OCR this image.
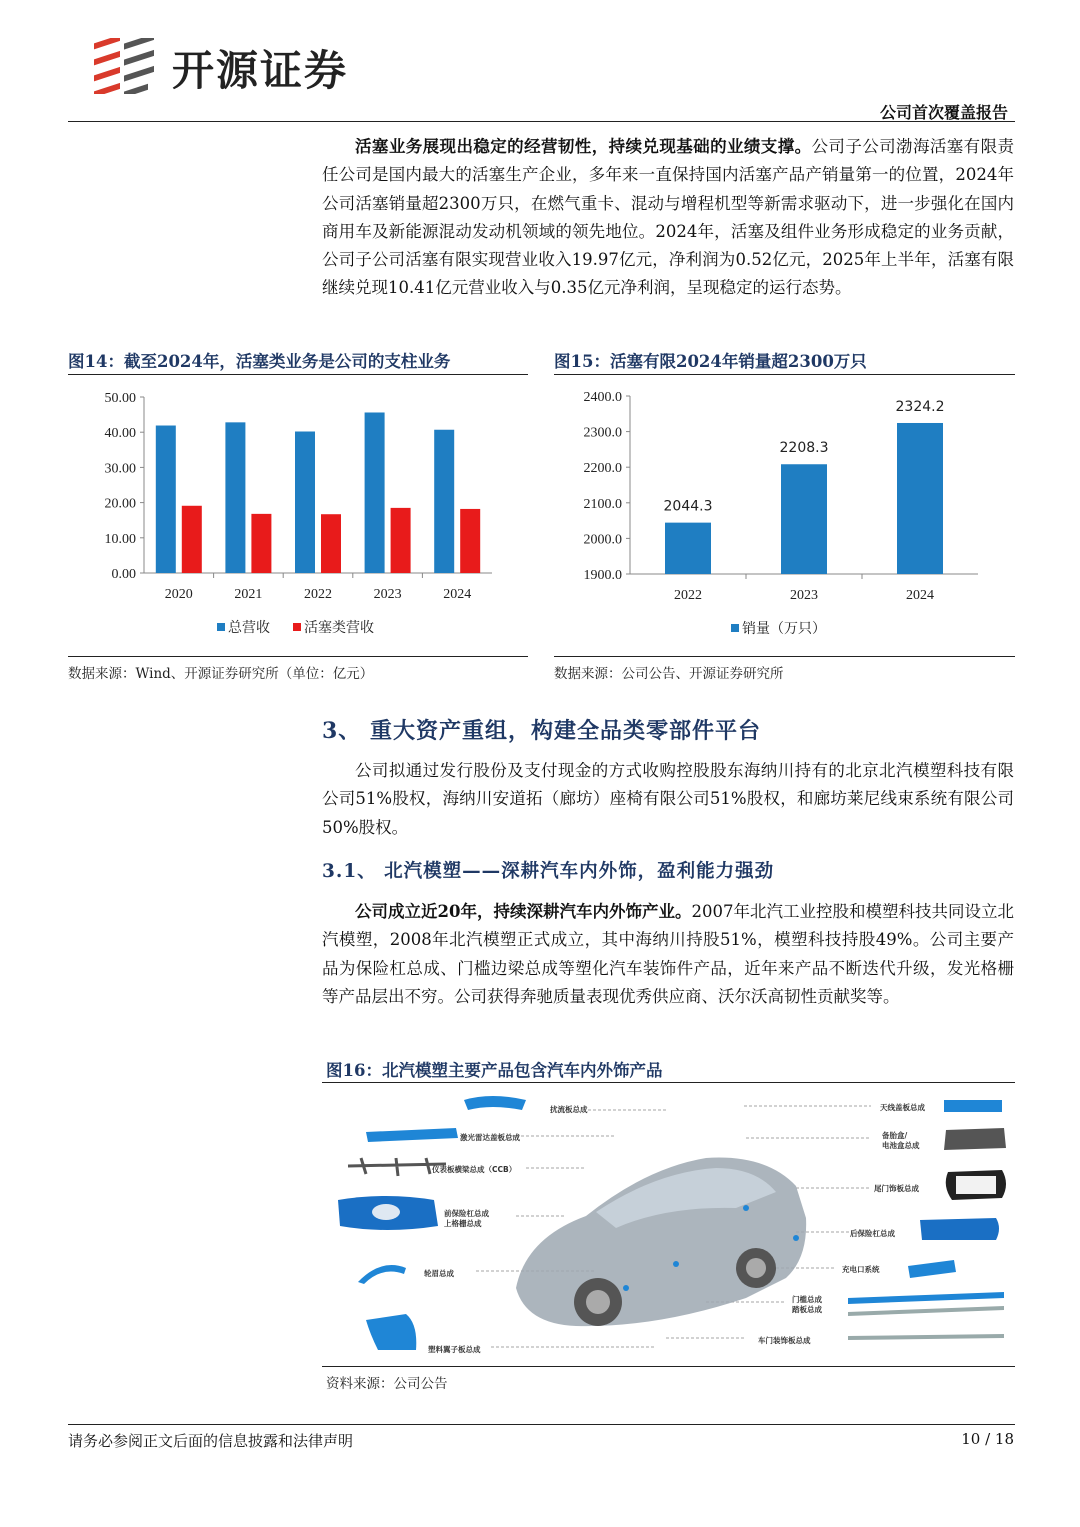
开源证券
公司首次覆盖报告
活塞业务展现出稳定的经营韧性，持续兑现基础的业绩支撑。公司子公司渤海活塞有限责任公司是国内最大的活塞生产企业，多年来一直保持国内活塞产品产销量第一的位置，2024年公司活塞销量超2300万只，在燃气重卡、混动与增程机型等新需求驱动下，进一步强化在国内商用车及新能源混动发动机领域的领先地位。2024年，活塞及组件业务形成稳定的业务贡献，公司子公司活塞有限实现营业收入19.97亿元，净利润为0.52亿元，2025年上半年，活塞有限继续兑现10.41亿元营业收入与0.35亿元净利润，呈现稳定的运行态势。
图14：截至2024年，活塞类业务是公司的支柱业务
0.00
10.00
20.00
30.00
40.00
50.00
2020	2021	2022	2023	2024
总营收 活塞类营收
数据来源：Wind、开源证券研究所（单位：亿元）
图15：活塞有限2024年销量超2300万只
1900.0
2000.0
2100.0
2200.0
2300.0
2400.0
2022
2044.3
2023
2208.3
2024
2324.2
销量（万只）
数据来源：公司公告、开源证券研究所
3、 重大资产重组，构建全品类零部件平台
公司拟通过发行股份及支付现金的方式收购控股股东海纳川持有的北京北汽模塑科技有限公司51%股权，海纳川安道拓（廊坊）座椅有限公司51%股权，和廊坊莱尼线束系统有限公司50%股权。
3.1、 北汽模塑——深耕汽车内外饰，盈利能力强劲
公司成立近20年，持续深耕汽车内外饰产业。2007年北汽工业控股和模塑科技共同设立北汽模塑，2008年北汽模塑正式成立，其中海纳川持股51%，模塑科技持股49%。公司主要产品为保险杠总成、门槛边梁总成等塑化汽车装饰件产品，近年来产品不断迭代升级，发光格栅等产品层出不穷。公司获得奔驰质量表现优秀供应商、沃尔沃高韧性贡献奖等。
图16：北汽模塑主要产品包含汽车内外饰产品
扰流板总成
激光雷达盖板总成
仪表板横梁总成（CCB）
前保险杠总成
上格栅总成
轮眉总成
塑料翼子板总成
天线盖板总成
备胎盒/
电池盒总成
尾门饰板总成
后保险杠总成
充电口系统
门槛总成
踏板总成
车门装饰板总成
资料来源：公司公告
请务必参阅正文后面的信息披露和法律声明	10 / 18
